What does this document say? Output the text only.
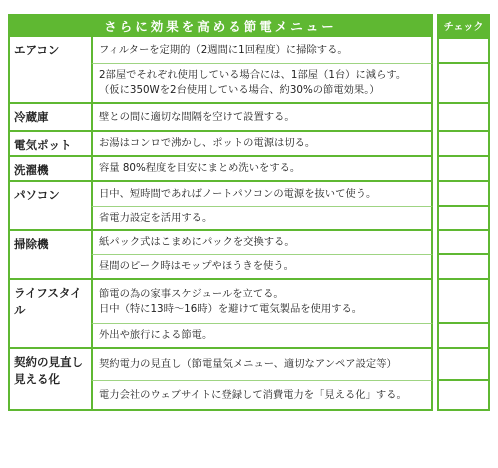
さらに効果を高める節電メニュー			チェック
エアコン	フィルターを定期的（2週間に1回程度）に掃除する。		

	2部屋でそれぞれ使用している場合には、1部屋（1台）に減らす。
（仮に350Wを2台使用している場合、約30%の節電効果。）		

冷蔵庫	壁との間に適切な間隔を空けて設置する。		

電気ポット	お湯はコンロで沸かし、ポットの電源は切る。		

洗濯機	容量 80%程度を目安にまとめ洗いをする。		

パソコン	日中、短時間であればノートパソコンの電源を抜いて使う。		

	省電力設定を活用する。		

掃除機	紙パック式はこまめにパックを交換する。		

	昼間のピーク時はモップやほうきを使う。		

ライフスタイル	節電の為の家事スケジュールを立てる。
日中（特に13時〜16時）を避けて電気製品を使用する。		

	外出や旅行による節電。		

契約の見直し見える化	契約電力の見直し（節電量気メニュー、適切なアンペア設定等）		

	電力会社のウェブサイトに登録して消費電力を「見える化」する。		
